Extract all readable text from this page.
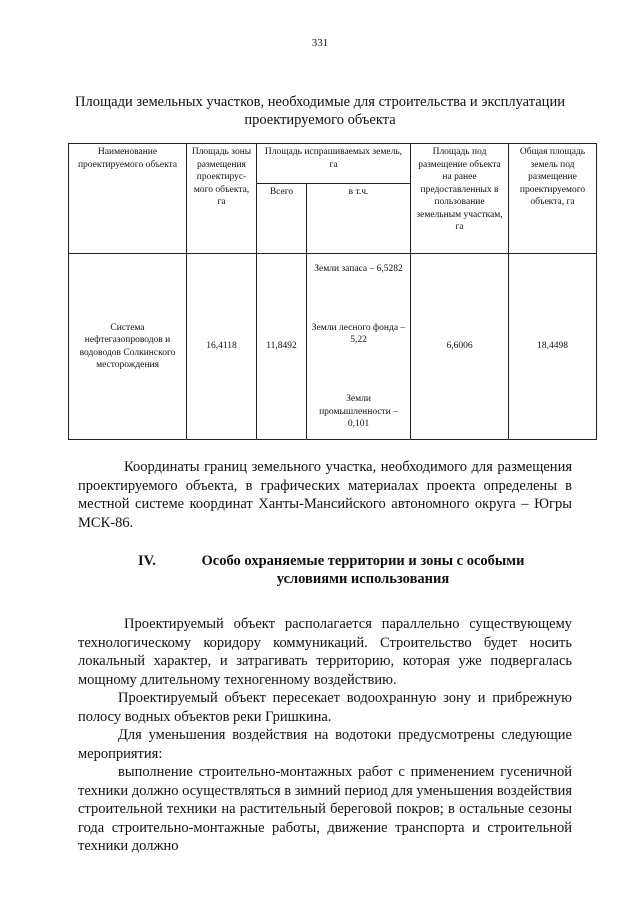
331
Площади земельных участков, необходимые для строительства и эксплуатации проектируемого объекта
Наименование проектируемого объекта	Площадь зоны размещения проектирус-мого объекта, га	Площадь испрашиваемых земель, га		Площадь под размещение объекта на ранее предоставленных в пользование земельным участкам, га	Общая площадь земель под размещение проектируемого объекта, га
		Всего	в т.ч.		
Система нефтегазопроводов и водоводов Солкинского месторождения	16,4118	11,8492	Земли запаса – 6,5282
Земли лесного фонда – 5,22
Земли промышленности – 0,101	6,6006	18,4498
Координаты границ земельного участка, необходимого для размещения проектируемого объекта, в графических материалах проекта определены в местной системе координат Ханты-Мансийского автономного округа – Югры МСК-86.
IV.	Особо охраняемые территории и зоны с особыми условиями использования

Проектируемый объект располагается параллельно существующему технологическому коридору коммуникаций. Строительство будет носить локальный характер, и затрагивать территорию, которая уже подвергалась мощному длительному техногенному воздействию.

Проектируемый объект пересекает водоохранную зону и прибрежную полосу водных объектов реки Гришкина.

Для уменьшения воздействия на водотоки предусмотрены следующие мероприятия:

выполнение строительно-монтажных работ с применением гусеничной техники должно осуществляться в зимний период для уменьшения воздействия строительной техники на растительный береговой покров; в остальные сезоны года строительно-монтажные работы, движение транспорта и строительной техники должно
